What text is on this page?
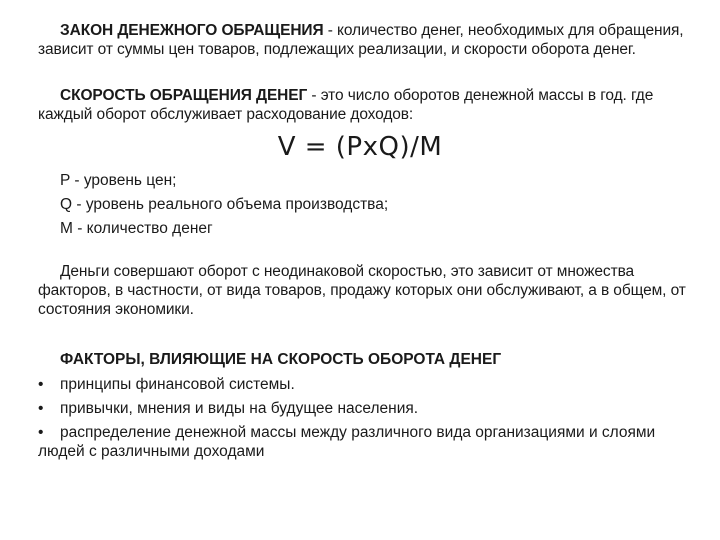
ЗАКОН ДЕНЕЖНОГО ОБРАЩЕНИЯ - количество денег, необходимых для обращения, зависит от суммы цен товаров, подлежащих реализации, и скорости оборота денег.
СКОРОСТЬ ОБРАЩЕНИЯ ДЕНЕГ - это число оборотов денежной массы в год. где каждый оборот обслуживает расходование доходов:
V = (PxQ)/M
P - уровень цен;
Q - уровень реального объема производства;
M - количество денег
Деньги совершают оборот с неодинаковой скоростью, это зависит от множества факторов, в частности, от вида товаров, продажу которых они обслуживают, а в общем, от состояния экономики.
ФАКТОРЫ, ВЛИЯЮЩИЕ НА СКОРОСТЬ ОБОРОТА ДЕНЕГ
• принципы финансовой системы.
• привычки, мнения и виды на будущее населения.
• распределение денежной массы между различного вида организациями и слоями людей с различными доходами
